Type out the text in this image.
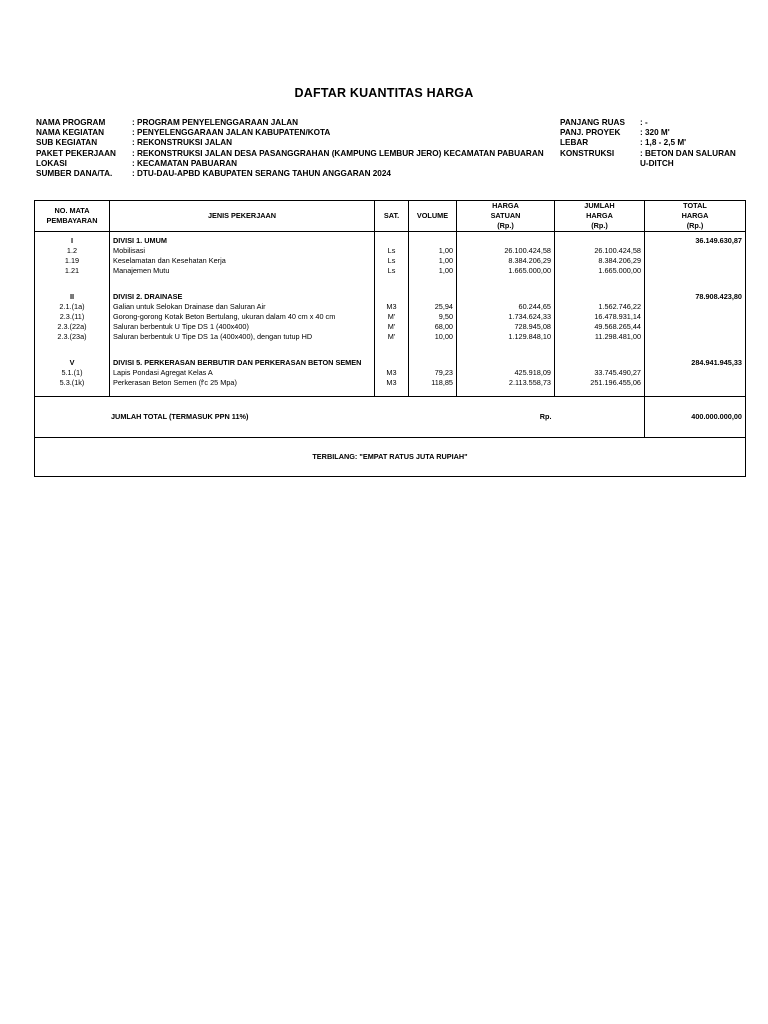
DAFTAR KUANTITAS HARGA
NAMA PROGRAM	: PROGRAM PENYELENGGARAAN JALAN
NAMA KEGIATAN	: PENYELENGGARAAN JALAN KABUPATEN/KOTA
SUB KEGIATAN	: REKONSTRUKSI JALAN
PAKET PEKERJAAN	: REKONSTRUKSI JALAN DESA PASANGGRAHAN (KAMPUNG LEMBUR JERO) KECAMATAN PABUARAN
LOKASI	: KECAMATAN PABUARAN
SUMBER DANA/TA.	: DTU-DAU-APBD KABUPATEN SERANG TAHUN ANGGARAN 2024
PANJANG RUAS	: -
PANJ. PROYEK	: 320 M'
LEBAR	: 1,8 - 2,5 M'
KONSTRUKSI	: BETON DAN SALURAN
U-DITCH
NO. MATA
PEMBAYARAN	JENIS PEKERJAAN	SAT.	VOLUME	HARGA
SATUAN
(Rp.)	JUMLAH
HARGA
(Rp.)	TOTAL
HARGA
(Rp.)

I	DIVISI 1. UMUM					36.149.630,87
1.2	Mobilisasi	Ls	1,00	26.100.424,58	26.100.424,58	
1.19	Keselamatan dan Kesehatan Kerja	Ls	1,00	8.384.206,29	8.384.206,29	
1.21	Manajemen Mutu	Ls	1,00	1.665.000,00	1.665.000,00	

II	DIVISI 2. DRAINASE					78.908.423,80
2.1.(1a)	Galian untuk Selokan Drainase dan Saluran Air	M3	25,94	60.244,65	1.562.746,22	
2.3.(11)	Gorong-gorong Kotak Beton Bertulang, ukuran dalam 40 cm x 40 cm	M'	9,50	1.734.624,33	16.478.931,14	
2.3.(22a)	Saluran berbentuk U Tipe DS 1 (400x400)	M'	68,00	728.945,08	49.568.265,44	
2.3.(23a)	Saluran berbentuk U Tipe DS 1a (400x400), dengan tutup HD	M'	10,00	1.129.848,10	11.298.481,00	

V	DIVISI 5. PERKERASAN BERBUTIR DAN PERKERASAN BETON SEMEN					284.941.945,33
5.1.(1)	Lapis Pondasi Agregat Kelas A	M3	79,23	425.918,09	33.745.490,27	
5.3.(1k)	Perkerasan Beton Semen (f'c 25 Mpa)	M3	118,85	2.113.558,73	251.196.455,06	

JUMLAH TOTAL (TERMASUK PPN 11%) Rp.						400.000.000,00
TERBILANG: "EMPAT RATUS JUTA RUPIAH"						
